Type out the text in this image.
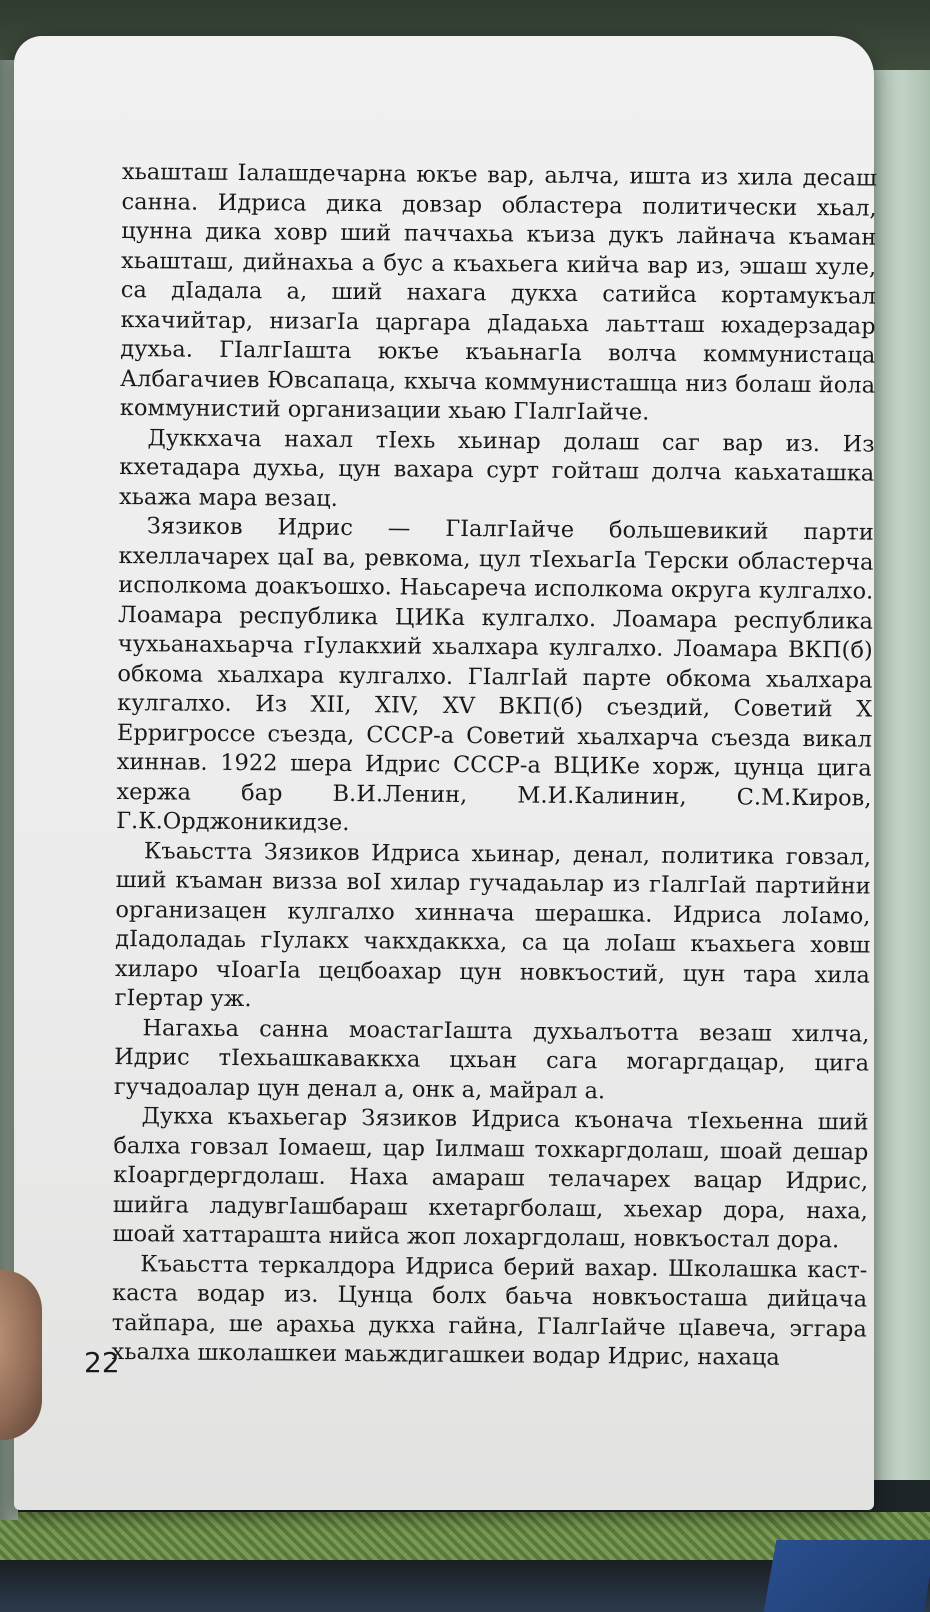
хьашташ Iалашдечарна юкъе вар, аьлча, ишта из хила десаш санна. Идриса дика довзар областера политически хьал, цунна дика ховр ший паччахьа къиза дукъ лайнача къаман хьашташ, дийнахьа а бус а къахьега кийча вар из, эшаш хуле, са дIадала а, ший нахага дукха сатийса кортамукъал кхачийтар, низагIа царгара дIадаьха лаьтташ юхадерзадар духьа. ГIалгIашта юкъе къаьнагIа волча коммунистаца Албагачиев Ювсапаца, кхыча коммунисташца низ болаш йола коммунистий организации хьаю ГIалгIайче.

Дуккхача нахал тIехь хьинар долаш саг вар из. Из кхетадара духьа, цун вахара сурт гойташ долча каьхаташка хьажа мара везац.

Зязиков Идрис — ГIалгIайче большевикий парти кхеллачарех цаI ва, ревкома, цул тIехьагIа Терски областерча исполкома доакъошхо. Наьсаречa исполкома округа кулгалхо. Лоамара республика ЦИКа кулгалхо. Лоамара республика чухьанахьарча гIулакхий хьалхара кулгалхо. Лоамара ВКП(б) обкома хьалхара кулгалхо. ГIалгIай парте обкома хьалхара кулгалхо. Из XII, XIV, XV ВКП(б) съездий, Советий Х Ерригроссе съезда, СССР-а Советий хьалхарча съезда викал хиннав. 1922 шера Идрис СССР-а ВЦИКе хорж, цунца цига хержа бар В.И.Ленин, М.И.Калинин, С.М.Киров, Г.К.Орджоникидзе.

Къаьстта Зязиков Идриса хьинар, денал, политика говзал, ший къаман визза воI хилар гучадаьлар из гIалгIай партийни организацен кулгалхо хиннача шерашка. Идриса лоIамо, дIадоладаь гIулакх чакхдаккха, са ца лоIаш къахьега ховш хиларо чIоагIа цецбоахар цун новкъостий, цун тара хила гIертар уж.

Нагахьа санна моастагIашта духьалъотта везаш хилча, Идрис тIехьашкаваккха цхьан сага могаргдацар, цига гучадоалар цун денал а, онк а, майрал а.

Дукха къахьегар Зязиков Идриса къонача тIехьенна ший балха говзал Iомаеш, цар Iилмаш тохкаргдолаш, шоай дешар кIоаргдергдолаш. Наха амараш телачарех вацар Идрис, шийга ладувгIашбараш кхетаргболаш, хьехар дора, наха, шоай хаттарашта нийса жоп лохаргдолаш, новкъостал дора.

Къаьстта теркалдора Идриса берий вахар. Школашка каст-каста водар из. Цунца болх баьча новкъосташа дийцача тайпара, ше арахьа дукха гайна, ГIалгIайче цIавеча, эггара хьалха школашкеи маьждигашкеи водар Идрис, нахаца

22
